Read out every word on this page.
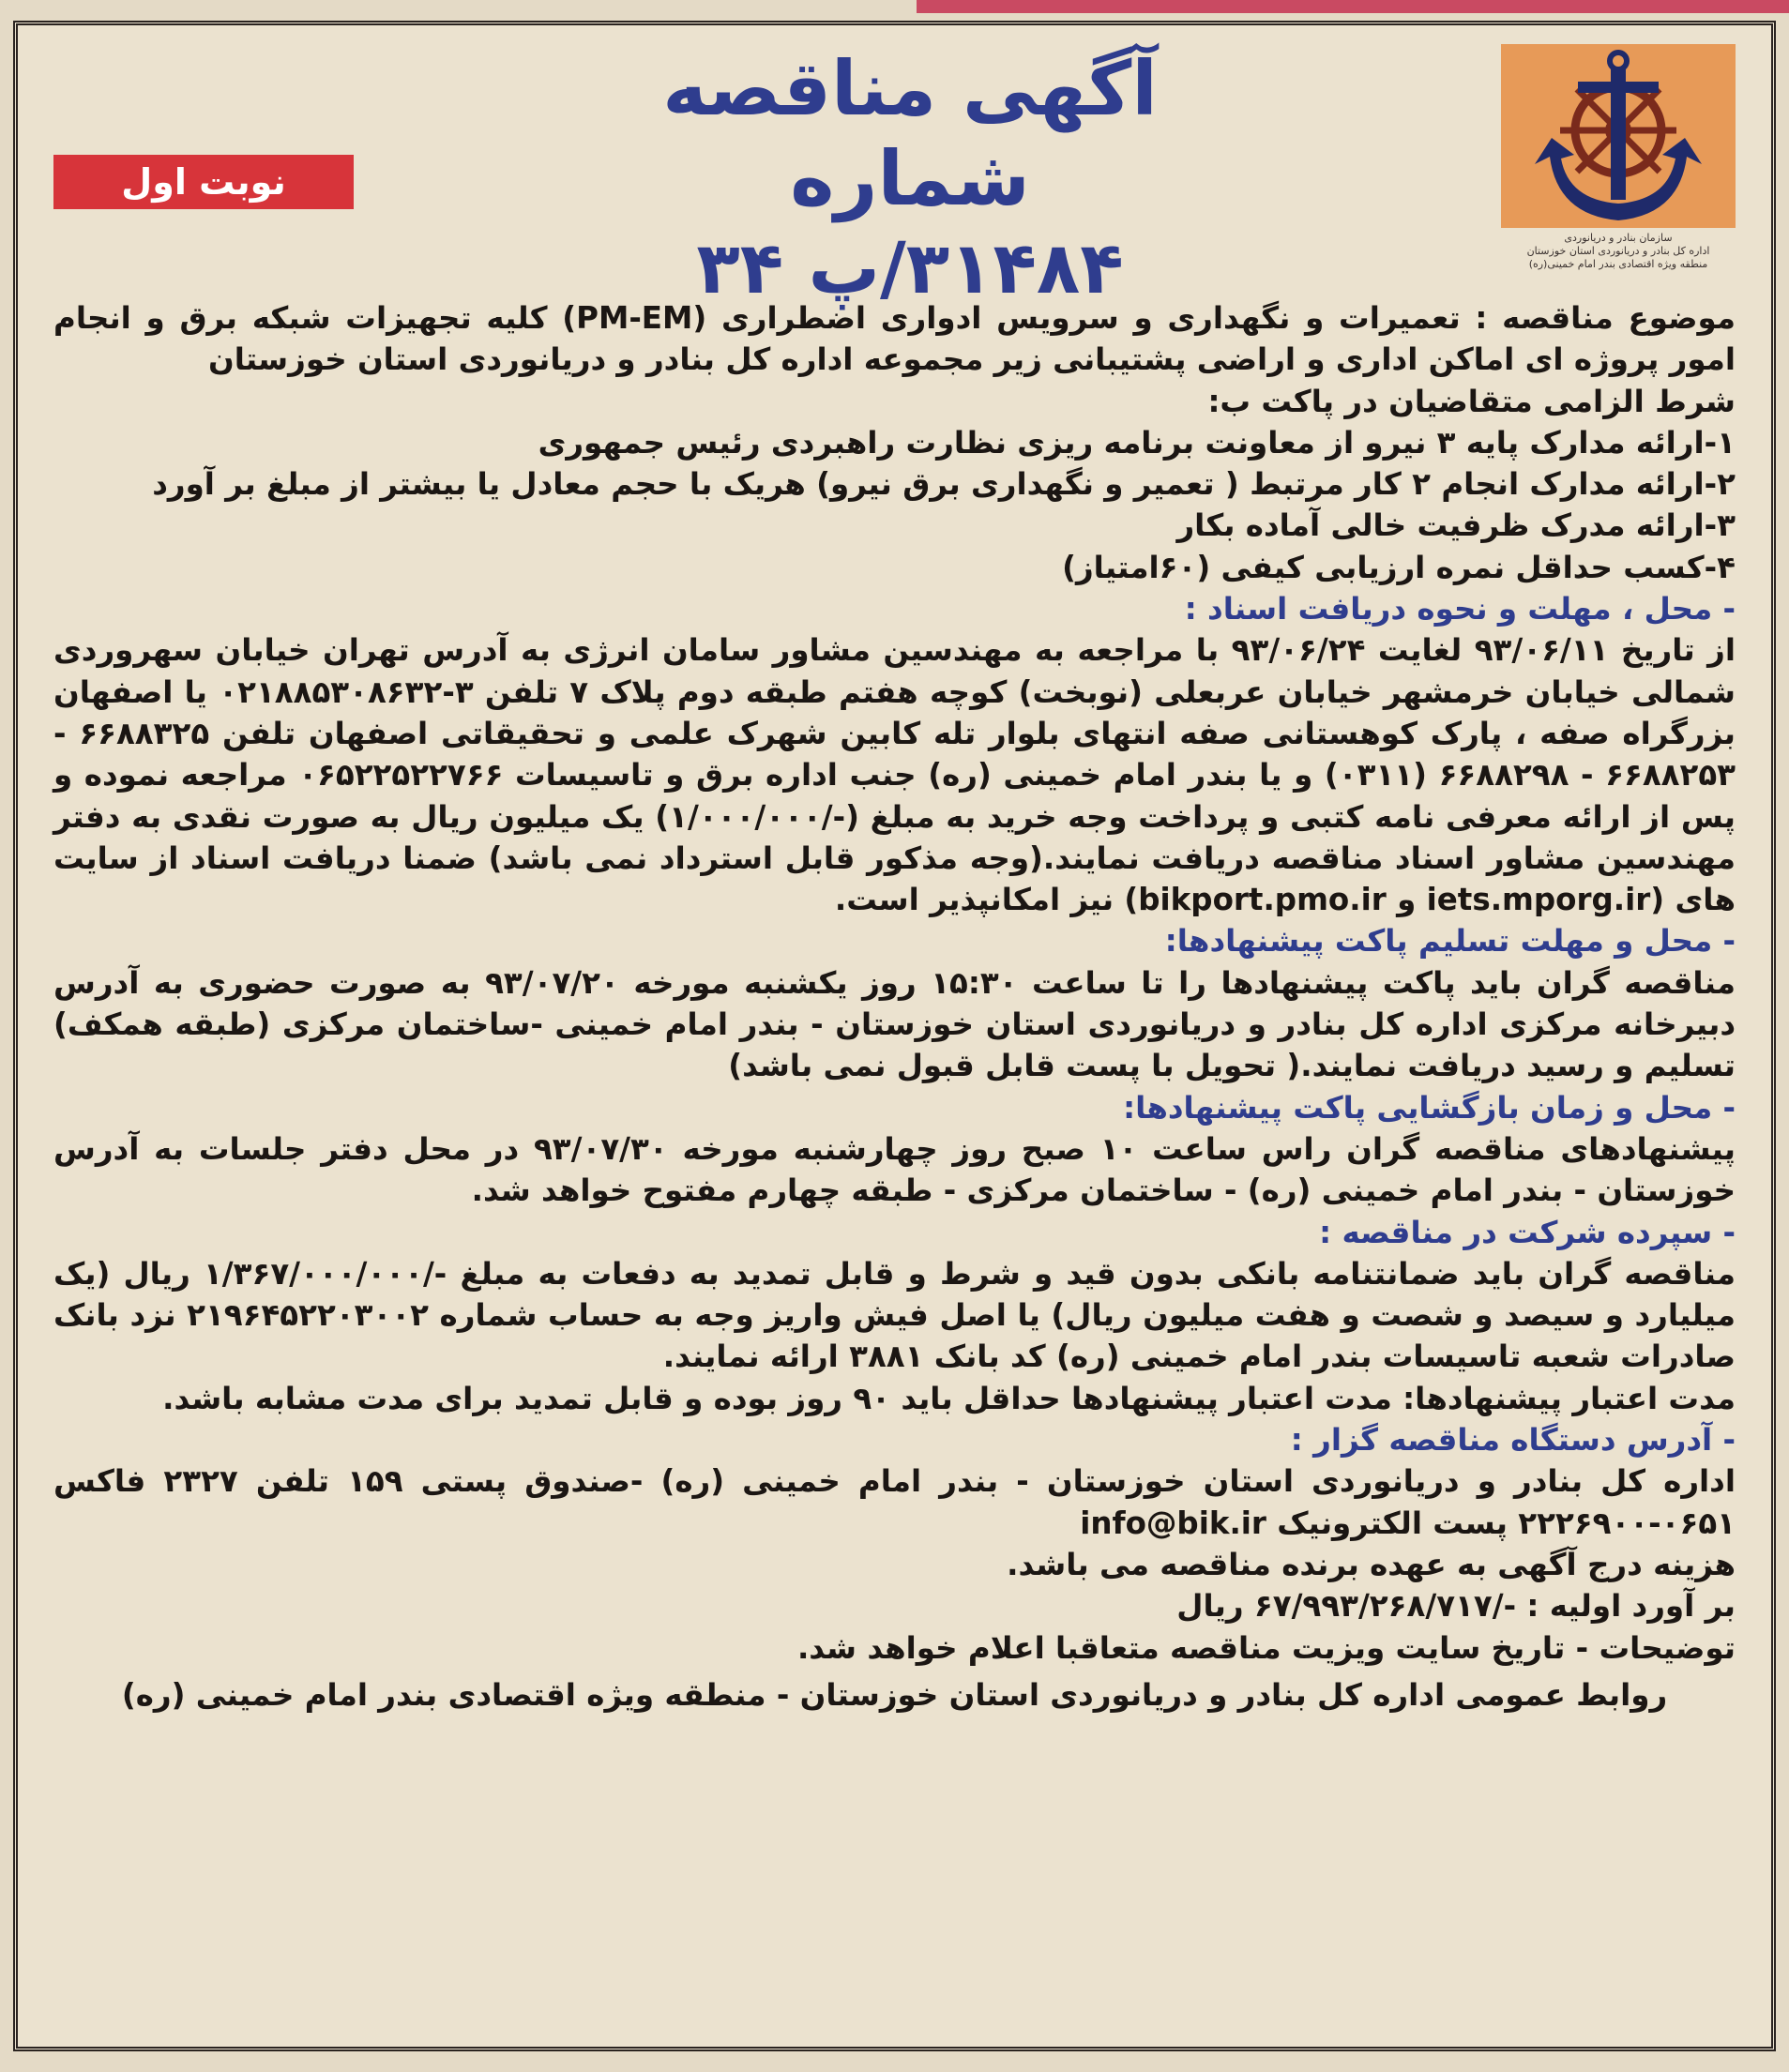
سازمان بنادر و دریانوردی
اداره کل بنادر و دریانوردی استان خوزستان
منطقه ویژه اقتصادی بندر امام خمینی(ره)

آگهی مناقصه شماره

۳۱۴۸۴/پ ۳۴

نوبت اول

موضوع مناقصه : تعمیرات و نگهداری و سرویس ادواری اضطراری (PM-EM) کلیه تجهیزات شبکه برق و انجام امور پروژه ای اماکن اداری و اراضی پشتیبانی زیر مجموعه اداره کل بنادر و دریانوردی استان خوزستان

شرط الزامی متقاضیان در پاکت ب:

۱-ارائه مدارک پایه ۳ نیرو از معاونت برنامه ریزی نظارت راهبردی رئیس جمهوری

۲-ارائه مدارک انجام ۲ کار مرتبط ( تعمیر و نگهداری برق نیرو) هریک با حجم معادل یا بیشتر از مبلغ بر آورد

۳-ارائه مدرک ظرفیت خالی آماده بکار

۴-کسب حداقل نمره ارزیابی کیفی (۶۰امتیاز)

- محل ، مهلت و نحوه دریافت اسناد :

از تاریخ ۹۳/۰۶/۱۱ لغایت ۹۳/۰۶/۲۴ با مراجعه به مهندسین مشاور سامان انرژی به آدرس تهران خیابان سهروردی شمالی خیابان خرمشهر خیابان عربعلی (نوبخت) کوچه هفتم طبقه دوم پلاک ۷ تلفن ۳-۰۲۱۸۸۵۳۰۸۶۳۲ یا اصفهان بزرگراه صفه ، پارک کوهستانی صفه انتهای بلوار تله کابین شهرک علمی و تحقیقاتی اصفهان تلفن ۶۶۸۸۳۲۵ - ۶۶۸۸۲۵۳ - ۶۶۸۸۲۹۸ (۰۳۱۱) و یا بندر امام خمینی (ره) جنب اداره برق و تاسیسات ۰۶۵۲۲۵۲۲۷۶۶ مراجعه نموده و پس از ارائه معرفی نامه کتبی و پرداخت وجه خرید به مبلغ (-/۱/۰۰۰/۰۰۰) یک میلیون ریال به صورت نقدی به دفتر مهندسین مشاور اسناد مناقصه دریافت نمایند.(وجه مذکور قابل استرداد نمی باشد) ضمنا دریافت اسناد از سایت های (iets.mporg.ir و bikport.pmo.ir) نیز امکانپذیر است.

- محل و مهلت تسلیم پاکت پیشنهادها:

مناقصه گران باید پاکت پیشنهادها را تا ساعت ۱۵:۳۰ روز یکشنبه مورخه ۹۳/۰۷/۲۰ به صورت حضوری به آدرس دبیرخانه مرکزی اداره کل بنادر و دریانوردی استان خوزستان - بندر امام خمینی -ساختمان مرکزی (طبقه همکف) تسلیم و رسید دریافت نمایند.( تحویل با پست قابل قبول نمی باشد)

- محل و زمان بازگشایی پاکت پیشنهادها:

پیشنهادهای مناقصه گران راس ساعت ۱۰ صبح روز چهارشنبه مورخه ۹۳/۰۷/۳۰ در محل دفتر جلسات به آدرس خوزستان - بندر امام خمینی (ره) - ساختمان مرکزی - طبقه چهارم مفتوح خواهد شد.

- سپرده شرکت در مناقصه :

مناقصه گران باید ضمانتنامه بانکی بدون قید و شرط و قابل تمدید به دفعات به مبلغ -/۱/۳۶۷/۰۰۰/۰۰۰ ریال (یک میلیارد و سیصد و شصت و هفت میلیون ریال) یا اصل فیش واریز وجه به حساب شماره ۲۱۹۶۴۵۲۲۰۳۰۰۲ نزد بانک صادرات شعبه تاسیسات بندر امام خمینی (ره) کد بانک ۳۸۸۱ ارائه نمایند.

مدت اعتبار پیشنهادها: مدت اعتبار پیشنهادها حداقل باید ۹۰ روز بوده و قابل تمدید برای مدت مشابه باشد.

- آدرس دستگاه مناقصه گزار :

اداره کل بنادر و دریانوردی استان خوزستان - بندر امام خمینی (ره) -صندوق پستی ۱۵۹ تلفن ۲۳۲۷ فاکس ۰۶۵۱-۲۲۲۶۹۰۰ پست الکترونیک info@bik.ir

هزینه درج آگهی به عهده برنده مناقصه می باشد.

بر آورد اولیه : -/۶۷/۹۹۳/۲۶۸/۷۱۷ ریال

توضیحات - تاریخ سایت ویزیت مناقصه متعاقبا اعلام خواهد شد.

روابط عمومی اداره کل بنادر و دریانوردی استان خوزستان - منطقه ویژه اقتصادی بندر امام خمینی (ره)
